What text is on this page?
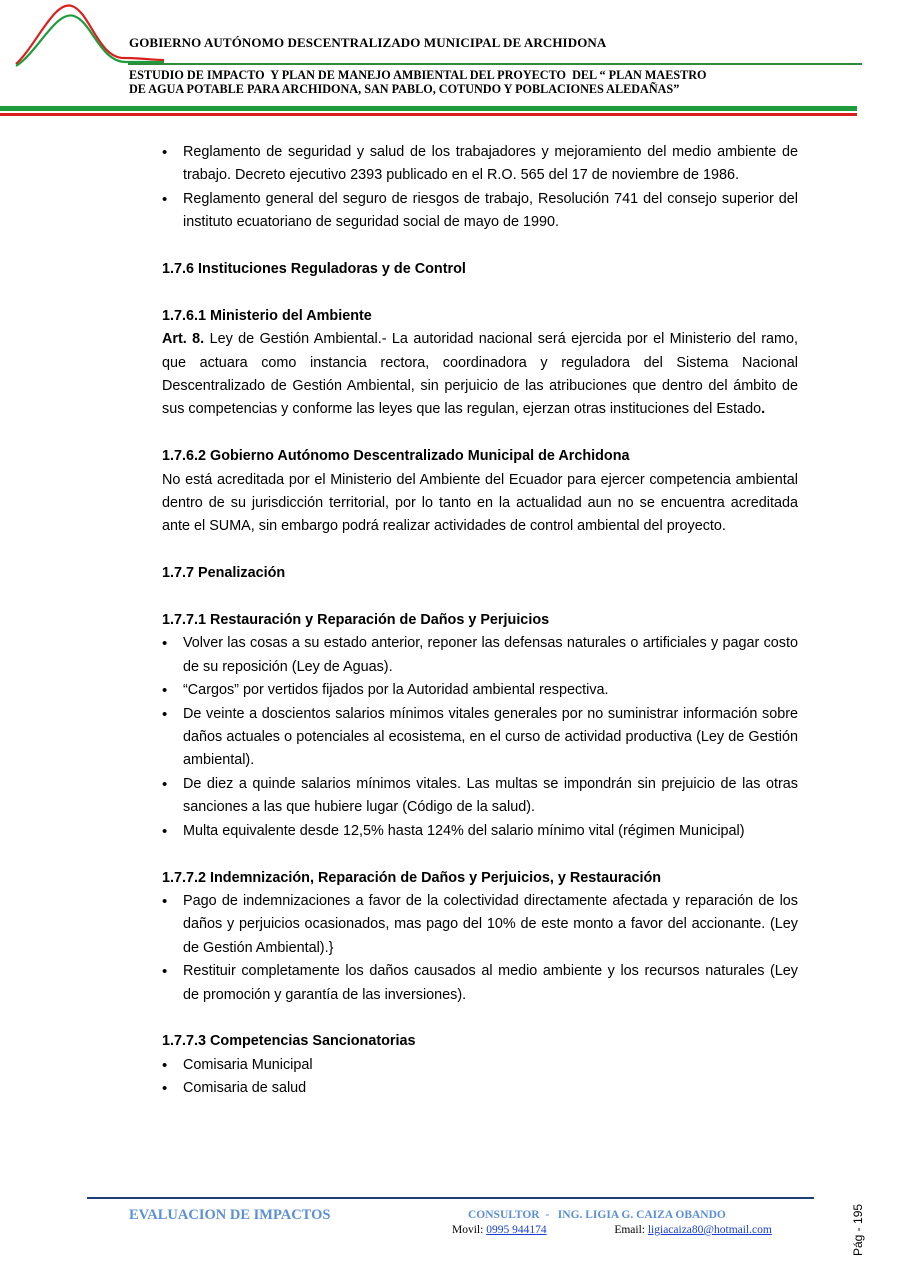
GOBIERNO AUTÓNOMO DESCENTRALIZADO MUNICIPAL DE ARCHIDONA
ESTUDIO DE IMPACTO  Y PLAN DE MANEJO AMBIENTAL DEL PROYECTO  DEL “ PLAN MAESTRO
DE AGUA POTABLE PARA ARCHIDONA, SAN PABLO, COTUNDO Y POBLACIONES ALEDAÑAS”
• Reglamento de seguridad y salud de los trabajadores y mejoramiento del medio ambiente de trabajo. Decreto ejecutivo 2393 publicado en el R.O. 565 del 17 de noviembre de 1986.
• Reglamento general del seguro de riesgos de trabajo, Resolución 741 del consejo superior del instituto ecuatoriano de seguridad social de mayo de 1990.

1.7.6 Instituciones Reguladoras y de Control

1.7.6.1 Ministerio del Ambiente

Art. 8. Ley de Gestión Ambiental.- La autoridad nacional será ejercida por el Ministerio del ramo, que actuara como instancia rectora, coordinadora y reguladora del Sistema Nacional Descentralizado de Gestión Ambiental, sin perjuicio de las atribuciones que dentro del ámbito de sus competencias y conforme las leyes que las regulan, ejerzan otras instituciones del Estado.

1.7.6.2 Gobierno Autónomo Descentralizado Municipal de Archidona

No está acreditada por el Ministerio del Ambiente del Ecuador para ejercer competencia ambiental dentro de su jurisdicción territorial, por lo tanto en la actualidad aun no se encuentra acreditada ante el SUMA, sin embargo podrá realizar actividades de control ambiental del proyecto.

1.7.7 Penalización

1.7.7.1 Restauración y Reparación de Daños y Perjuicios

• Volver las cosas a su estado anterior, reponer las defensas naturales o artificiales y pagar costo de su reposición (Ley de Aguas).
• “Cargos” por vertidos fijados por la Autoridad ambiental respectiva.
• De veinte a doscientos salarios mínimos vitales generales por no suministrar información sobre daños actuales o potenciales al ecosistema, en el curso de actividad productiva (Ley de Gestión ambiental).
• De diez a quinde salarios mínimos vitales. Las multas se impondrán sin prejuicio de las otras sanciones a las que hubiere lugar (Código de la salud).
• Multa equivalente desde 12,5% hasta 124% del salario mínimo vital (régimen Municipal)

1.7.7.2 Indemnización, Reparación de Daños y Perjuicios, y Restauración

• Pago de indemnizaciones a favor de la colectividad directamente afectada y reparación de los daños y perjuicios ocasionados, mas pago del 10% de este monto a favor del accionante. (Ley de Gestión Ambiental).}
• Restituir completamente los daños causados al medio ambiente y los recursos naturales (Ley de promoción y garantía de las inversiones).

1.7.7.3 Competencias Sancionatorias

• Comisaria Municipal
• Comisaria de salud
EVALUACION DE IMPACTOS	CONSULTOR  -   ING. LIGIA G. CAIZA OBANDO
Movil: 0995 944174	Email: ligiacaiza80@hotmail.com	Pág - 195
